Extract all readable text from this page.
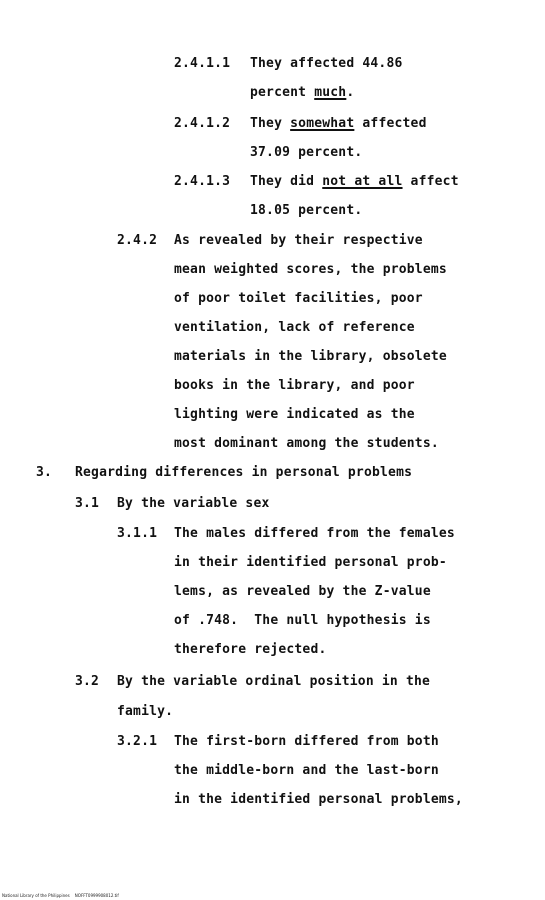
2.4.1.1 They affected 44.86
percent much.
2.4.1.2 They somewhat affected
37.09 percent.
2.4.1.3 They did not at all affect
18.05 percent.
2.4.2 As revealed by their respective
mean weighted scores, the problems
of poor toilet facilities, poor
ventilation, lack of reference
materials in the library, obsolete
books in the library, and poor
lighting were indicated as the
most dominant among the students.
3. Regarding differences in personal problems
3.1 By the variable sex
3.1.1 The males differed from the females
in their identified personal prob-
lems, as revealed by the Z-value
of .748.  The null hypothesis is
therefore rejected.
3.2 By the variable ordinal position in the
family.
3.2.1 The first-born differed from both
the middle-born and the last-born
in the identified personal problems,
National Library of the Philippines    NOFFT0999908012.tif
